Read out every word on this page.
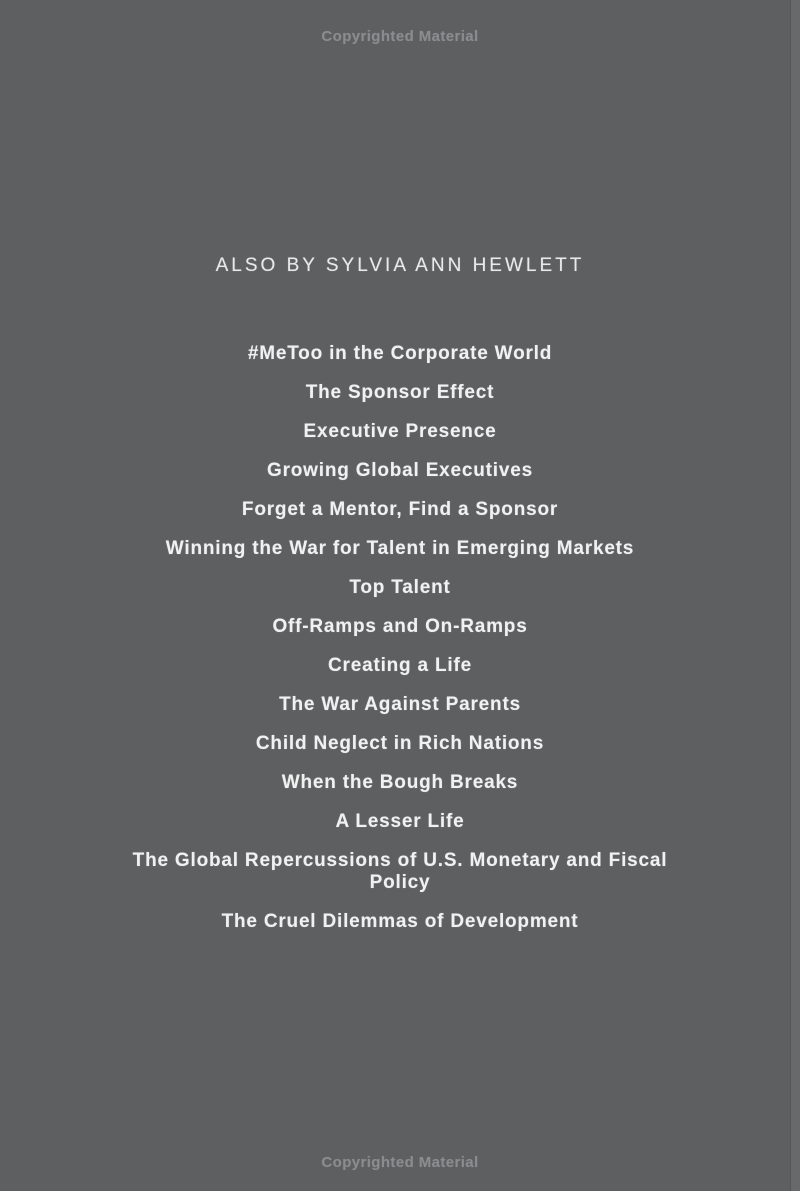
Copyrighted Material
ALSO BY SYLVIA ANN HEWLETT
#MeToo in the Corporate World
The Sponsor Effect
Executive Presence
Growing Global Executives
Forget a Mentor, Find a Sponsor
Winning the War for Talent in Emerging Markets
Top Talent
Off-Ramps and On-Ramps
Creating a Life
The War Against Parents
Child Neglect in Rich Nations
When the Bough Breaks
A Lesser Life
The Global Repercussions of U.S. Monetary and Fiscal Policy
The Cruel Dilemmas of Development
Copyrighted Material
